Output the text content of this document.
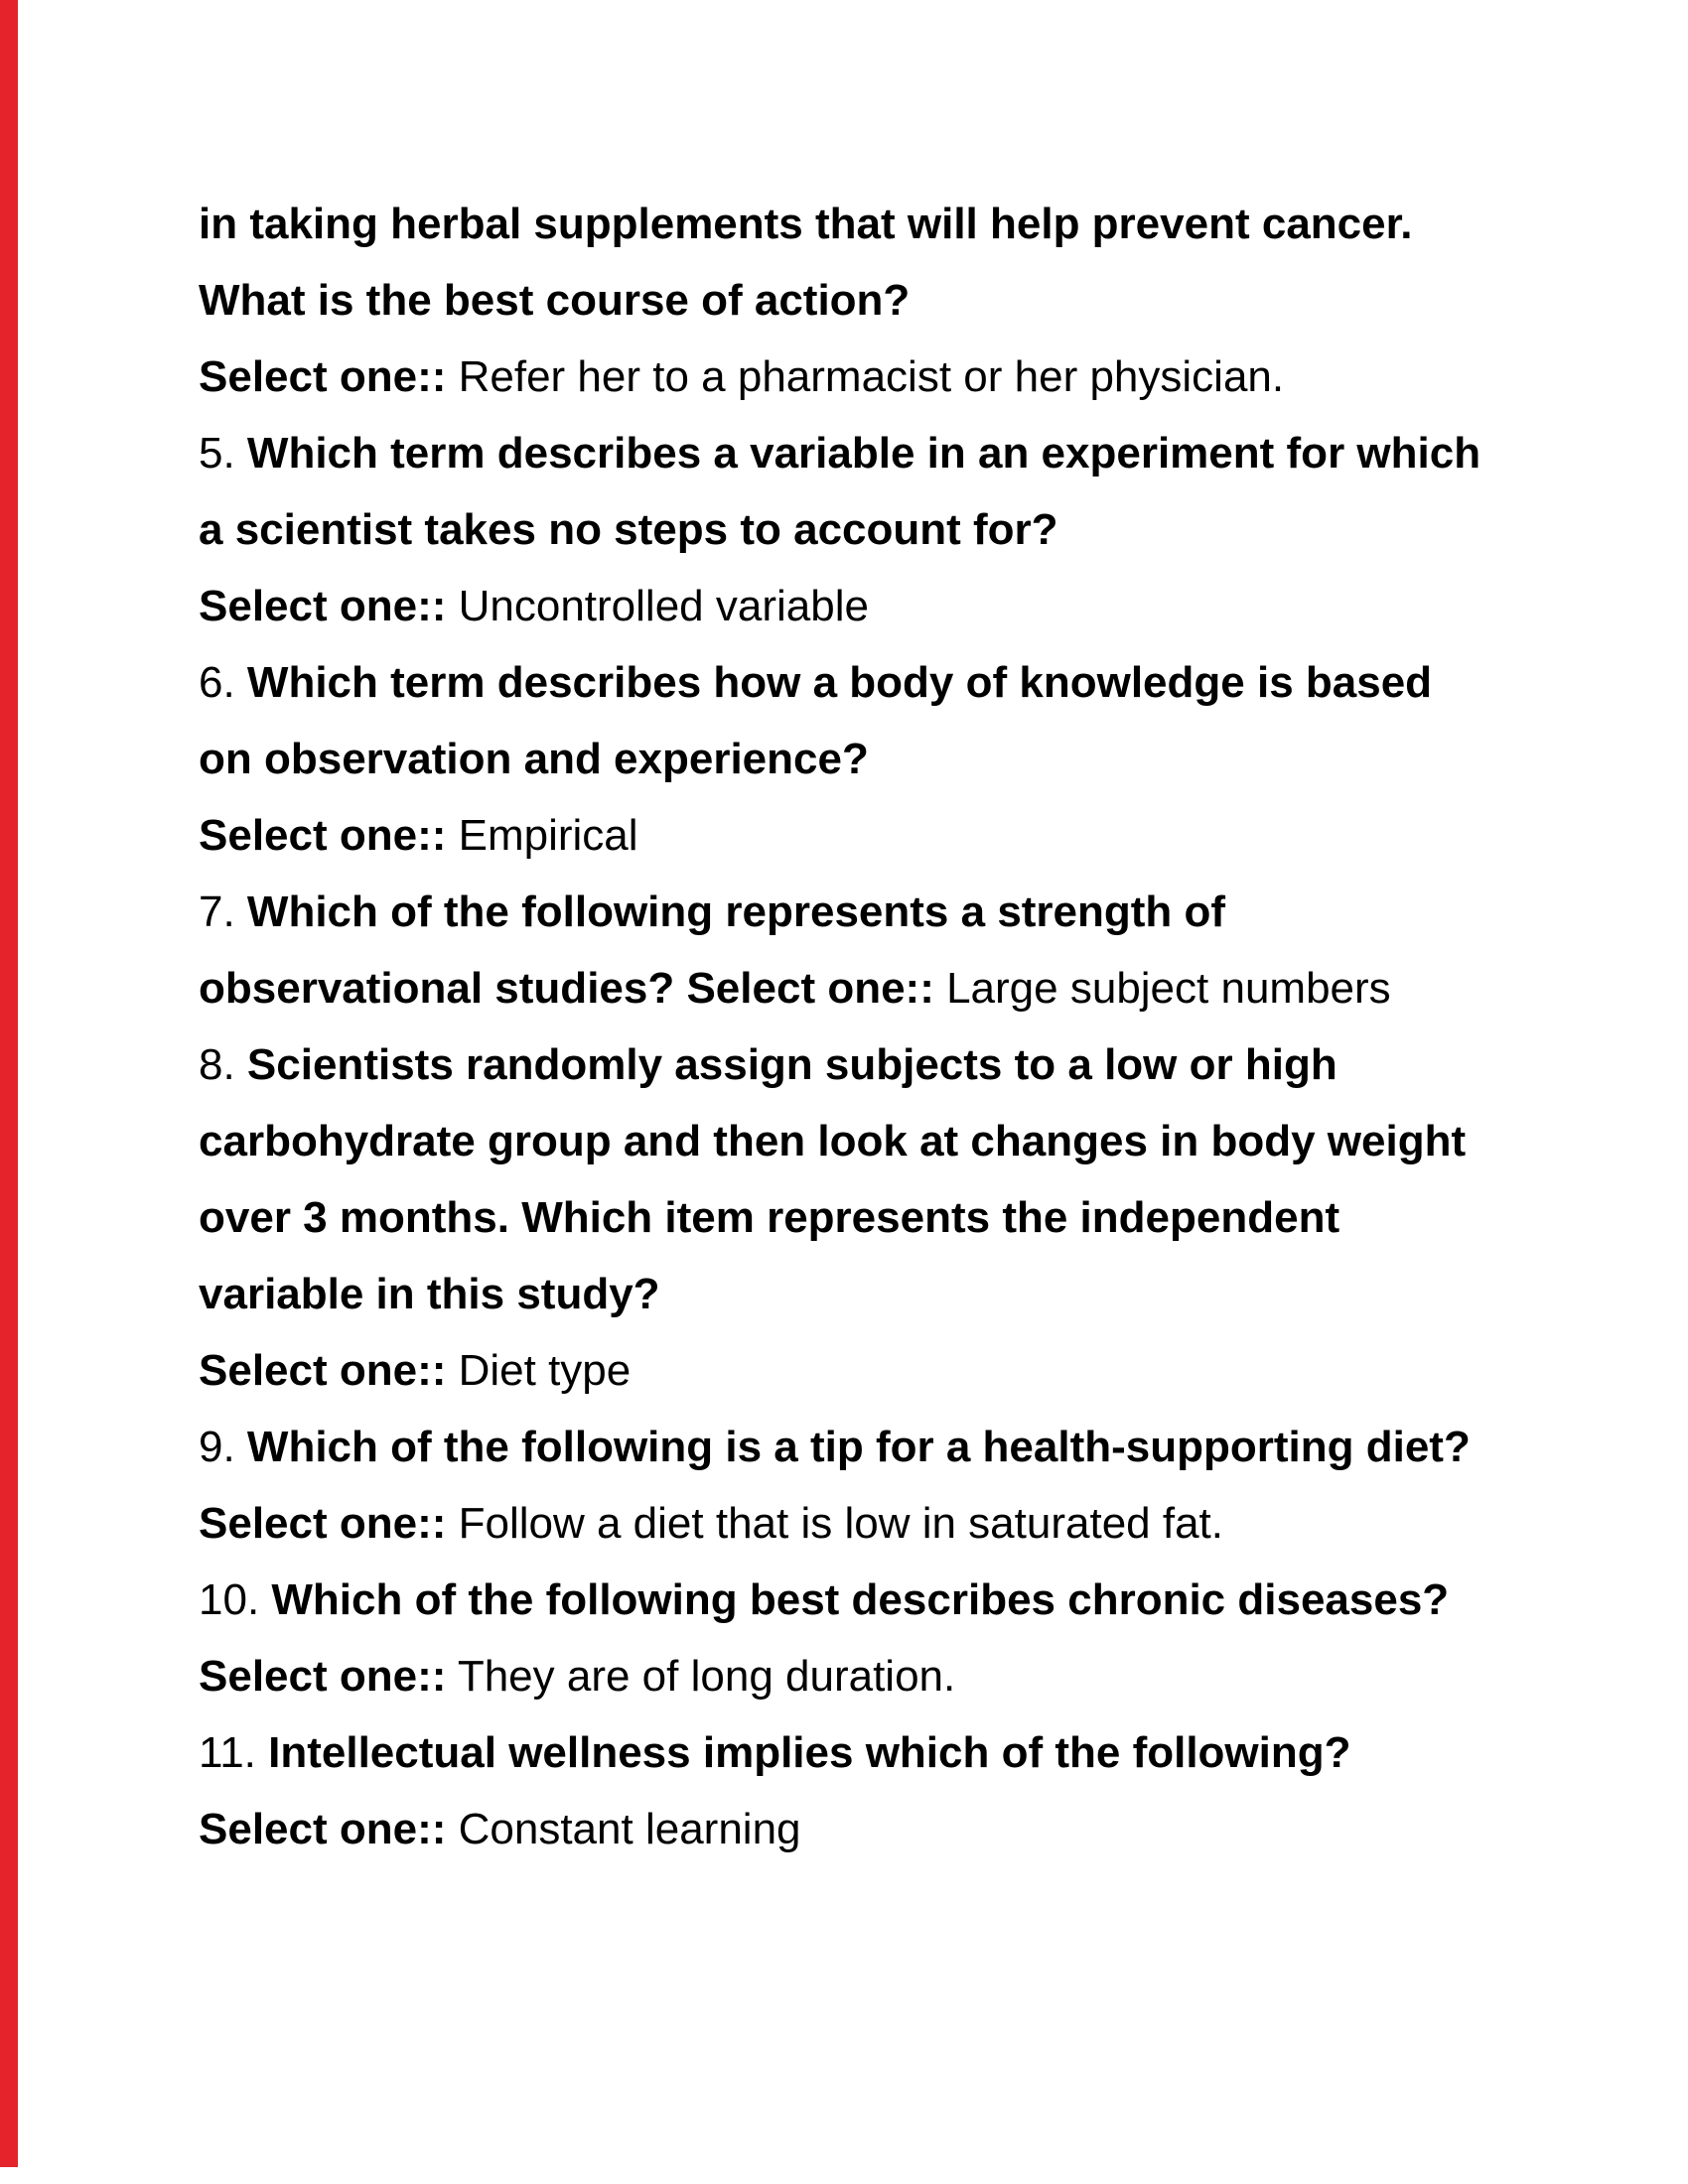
in taking herbal supplements that will help prevent cancer.
What is the best course of action?
Select one:: Refer her to a pharmacist or her physician.
5. Which term describes a variable in an experiment for which
a scientist takes no steps to account for?
Select one:: Uncontrolled variable
6. Which term describes how a body of knowledge is based
on observation and experience?
Select one:: Empirical
7. Which of the following represents a strength of
observational studies? Select one:: Large subject numbers
8. Scientists randomly assign subjects to a low or high
carbohydrate group and then look at changes in body weight
over 3 months. Which item represents the independent
variable in this study?
Select one:: Diet type
9. Which of the following is a tip for a health-supporting diet?
Select one:: Follow a diet that is low in saturated fat.
10. Which of the following best describes chronic diseases?
Select one:: They are of long duration.
11. Intellectual wellness implies which of the following?
Select one:: Constant learning
